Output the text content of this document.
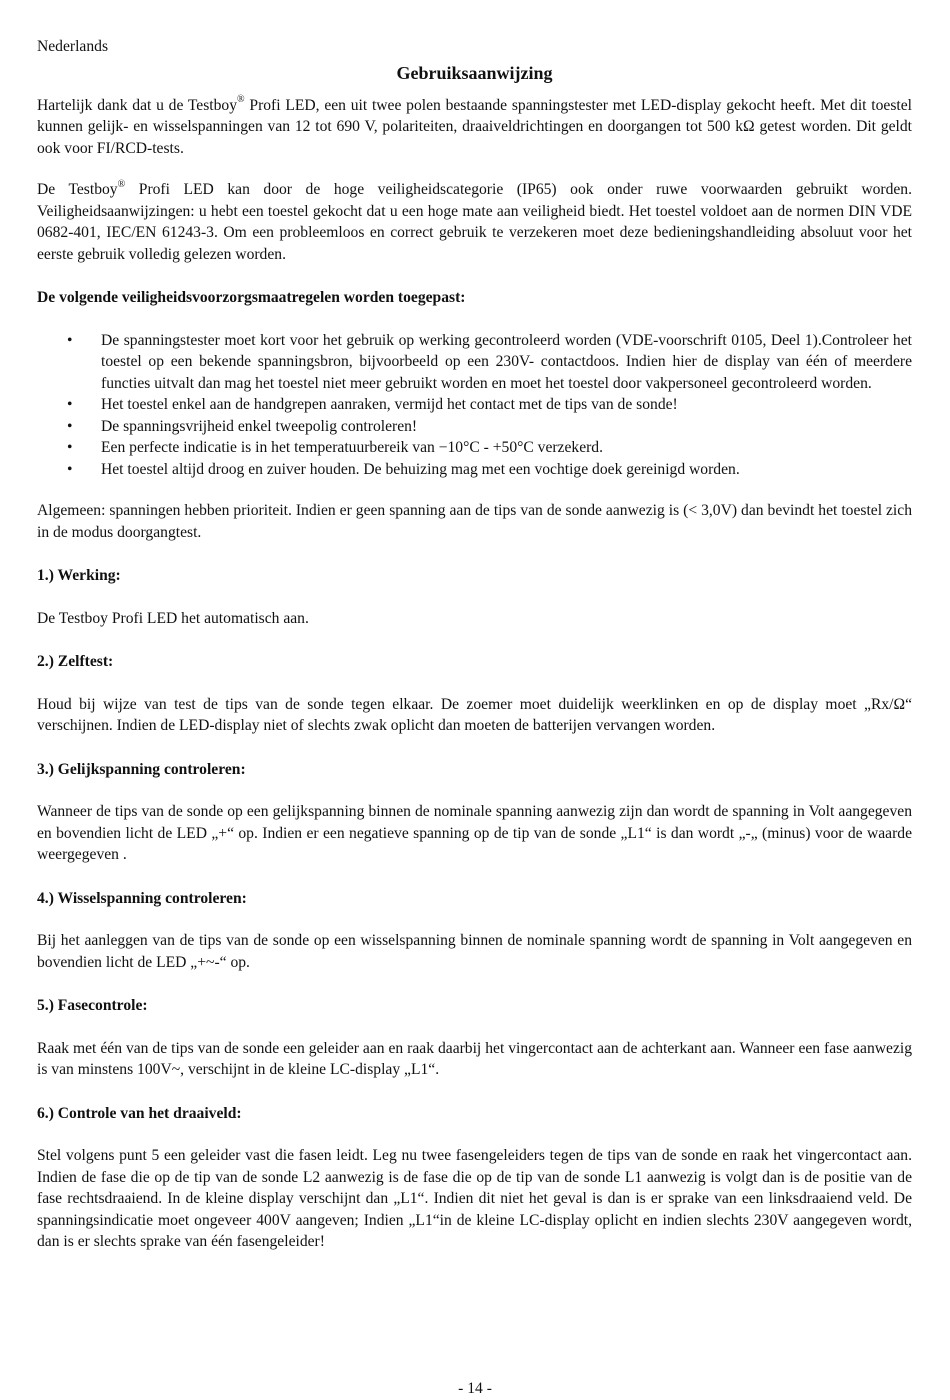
Nederlands
Gebruiksaanwijzing

Hartelijk dank dat u de Testboy® Profi LED, een uit twee polen bestaande spanningstester met LED-display gekocht heeft. Met dit toestel kunnen gelijk- en wisselspanningen van 12 tot 690 V, polariteiten, draaiveldrichtingen en doorgangen tot 500 kΩ getest worden. Dit geldt ook voor FI/RCD-tests.

De Testboy® Profi LED kan door de hoge veiligheidscategorie (IP65) ook onder ruwe voorwaarden gebruikt worden. Veiligheidsaanwijzingen: u hebt een toestel gekocht dat u een hoge mate aan veiligheid biedt. Het toestel voldoet aan de normen DIN VDE 0682-401, IEC/EN 61243-3. Om een probleemloos en correct gebruik te verzekeren moet deze bedieningshandleiding absoluut voor het eerste gebruik volledig gelezen worden.

De volgende veiligheidsvoorzorgsmaatregelen worden toegepast:
• De spanningstester moet kort voor het gebruik op werking gecontroleerd worden (VDE-voorschrift 0105, Deel 1).Controleer het toestel op een bekende spanningsbron, bijvoorbeeld op een 230V- contactdoos. Indien hier de display van één of meerdere functies uitvalt dan mag het toestel niet meer gebruikt worden en moet het toestel door vakpersoneel gecontroleerd worden.
• Het toestel enkel aan de handgrepen aanraken, vermijd het contact met de tips van de sonde!
• De spanningsvrijheid enkel tweepolig controleren!
• Een perfecte indicatie is in het temperatuurbereik van −10°C - +50°C verzekerd.
• Het toestel altijd droog en zuiver houden. De behuizing mag met een vochtige doek gereinigd worden.

Algemeen: spanningen hebben prioriteit. Indien er geen spanning aan de tips van de sonde aanwezig is (< 3,0V) dan bevindt het toestel zich in de modus doorgangtest.

1.) Werking:

De Testboy Profi LED het automatisch aan.

2.) Zelftest:

Houd bij wijze van test de tips van de sonde tegen elkaar. De zoemer moet duidelijk weerklinken en op de display moet „Rx/Ω“ verschijnen. Indien de LED-display niet of slechts zwak oplicht dan moeten de batterijen vervangen worden.

3.) Gelijkspanning controleren:

Wanneer de tips van de sonde op een gelijkspanning binnen de nominale spanning aanwezig zijn dan wordt de spanning in Volt aangegeven en bovendien licht de LED „+“ op. Indien er een negatieve spanning op de tip van de sonde „L1“ is dan wordt „-„ (minus) voor de waarde weergegeven .

4.) Wisselspanning controleren:

Bij het aanleggen van de tips van de sonde op een wisselspanning binnen de nominale spanning wordt de spanning in Volt aangegeven en bovendien licht de LED „+~-“ op.

5.) Fasecontrole:

Raak met één van de tips van de sonde een geleider aan en raak daarbij het vingercontact aan de achterkant aan. Wanneer een fase aanwezig is van minstens 100V~, verschijnt in de kleine LC-display „L1“.

6.) Controle van het draaiveld:

Stel volgens punt 5 een geleider vast die fasen leidt. Leg nu twee fasengeleiders tegen de tips van de sonde en raak het vingercontact aan. Indien de fase die op de tip van de sonde L2 aanwezig is de fase die op de tip van de sonde L1 aanwezig is volgt dan is de positie van de fase rechtsdraaiend. In de kleine display verschijnt dan „L1“. Indien dit niet het geval is dan is er sprake van een linksdraaiend veld. De spanningsindicatie moet ongeveer 400V aangeven; Indien „L1“in de kleine LC-display oplicht en indien slechts 230V aangegeven wordt, dan is er slechts sprake van één fasengeleider!

- 14 -
